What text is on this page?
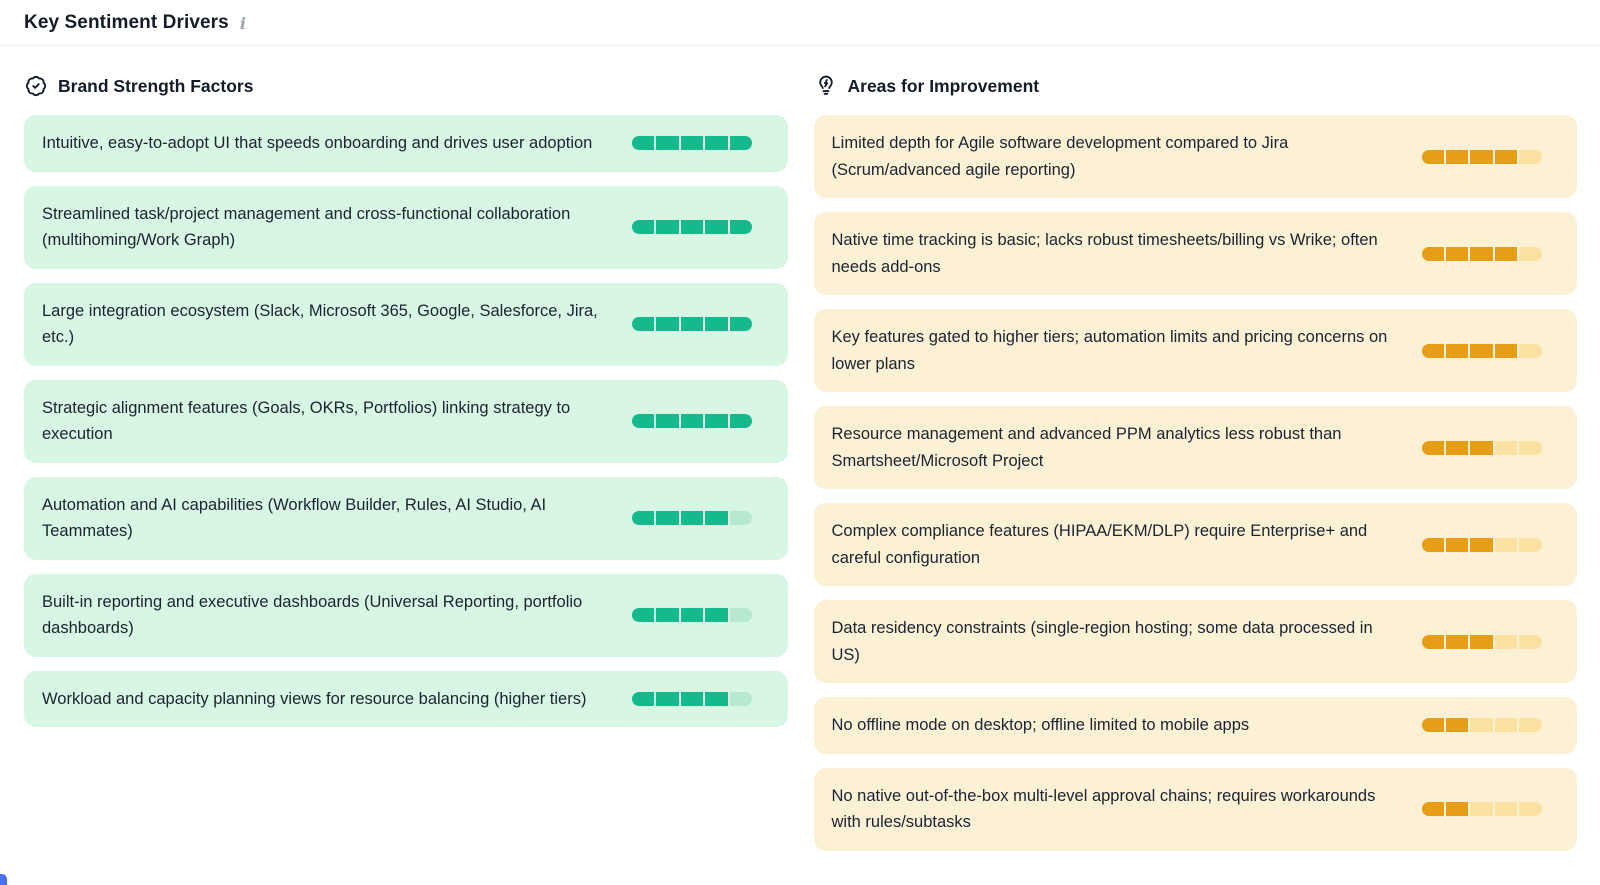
Key Sentiment Drivers i
Brand Strength Factors

Intuitive, easy-to-adopt UI that speeds onboarding and drives user adoption

Streamlined task/project management and cross-functional collaboration (multihoming/Work Graph)

Large integration ecosystem (Slack, Microsoft 365, Google, Salesforce, Jira, etc.)

Strategic alignment features (Goals, OKRs, Portfolios) linking strategy to execution

Automation and AI capabilities (Workflow Builder, Rules, AI Studio, AI Teammates)

Built-in reporting and executive dashboards (Universal Reporting, portfolio dashboards)

Workload and capacity planning views for resource balancing (higher tiers)

Areas for Improvement

Limited depth for Agile software development compared to Jira (Scrum/advanced agile reporting)

Native time tracking is basic; lacks robust timesheets/billing vs Wrike; often needs add-ons

Key features gated to higher tiers; automation limits and pricing concerns on lower plans

Resource management and advanced PPM analytics less robust than Smartsheet/Microsoft Project

Complex compliance features (HIPAA/EKM/DLP) require Enterprise+ and careful configuration

Data residency constraints (single-region hosting; some data processed in US)

No offline mode on desktop; offline limited to mobile apps

No native out-of-the-box multi-level approval chains; requires workarounds with rules/subtasks
